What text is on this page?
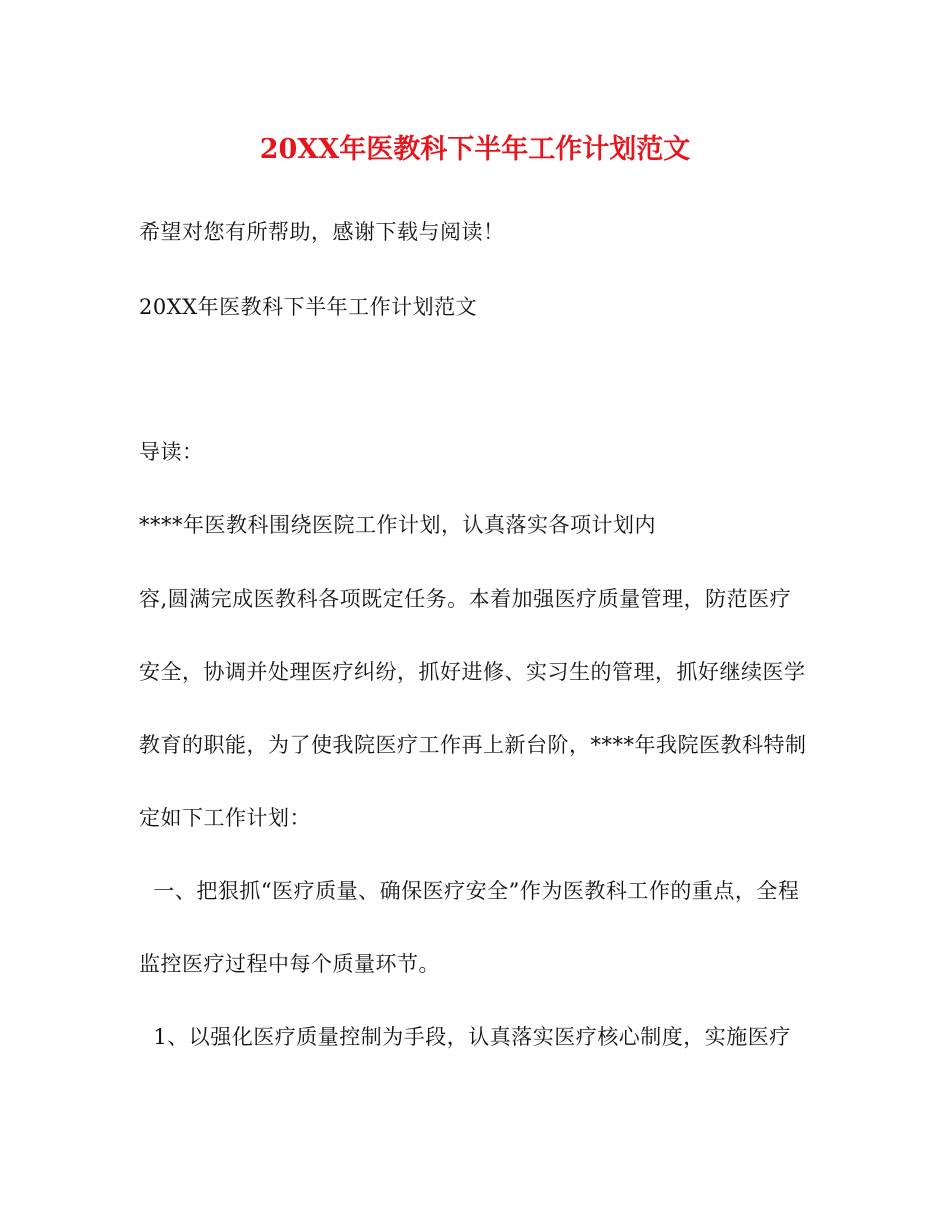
20XX年医教科下半年工作计划范文
希望对您有所帮助，感谢下载与阅读！
20XX年医教科下半年工作计划范文
导读：
****年医教科围绕医院工作计划，认真落实各项计划内
容,圆满完成医教科各项既定任务。本着加强医疗质量管理，防范医疗
安全，协调并处理医疗纠纷，抓好进修、实习生的管理，抓好继续医学
教育的职能，为了使我院医疗工作再上新台阶，****年我院医教科特制
定如下工作计划：
一、把狠抓“医疗质量、确保医疗安全”作为医教科工作的重点，全程
监控医疗过程中每个质量环节。
1、以强化医疗质量控制为手段，认真落实医疗核心制度，实施医疗
